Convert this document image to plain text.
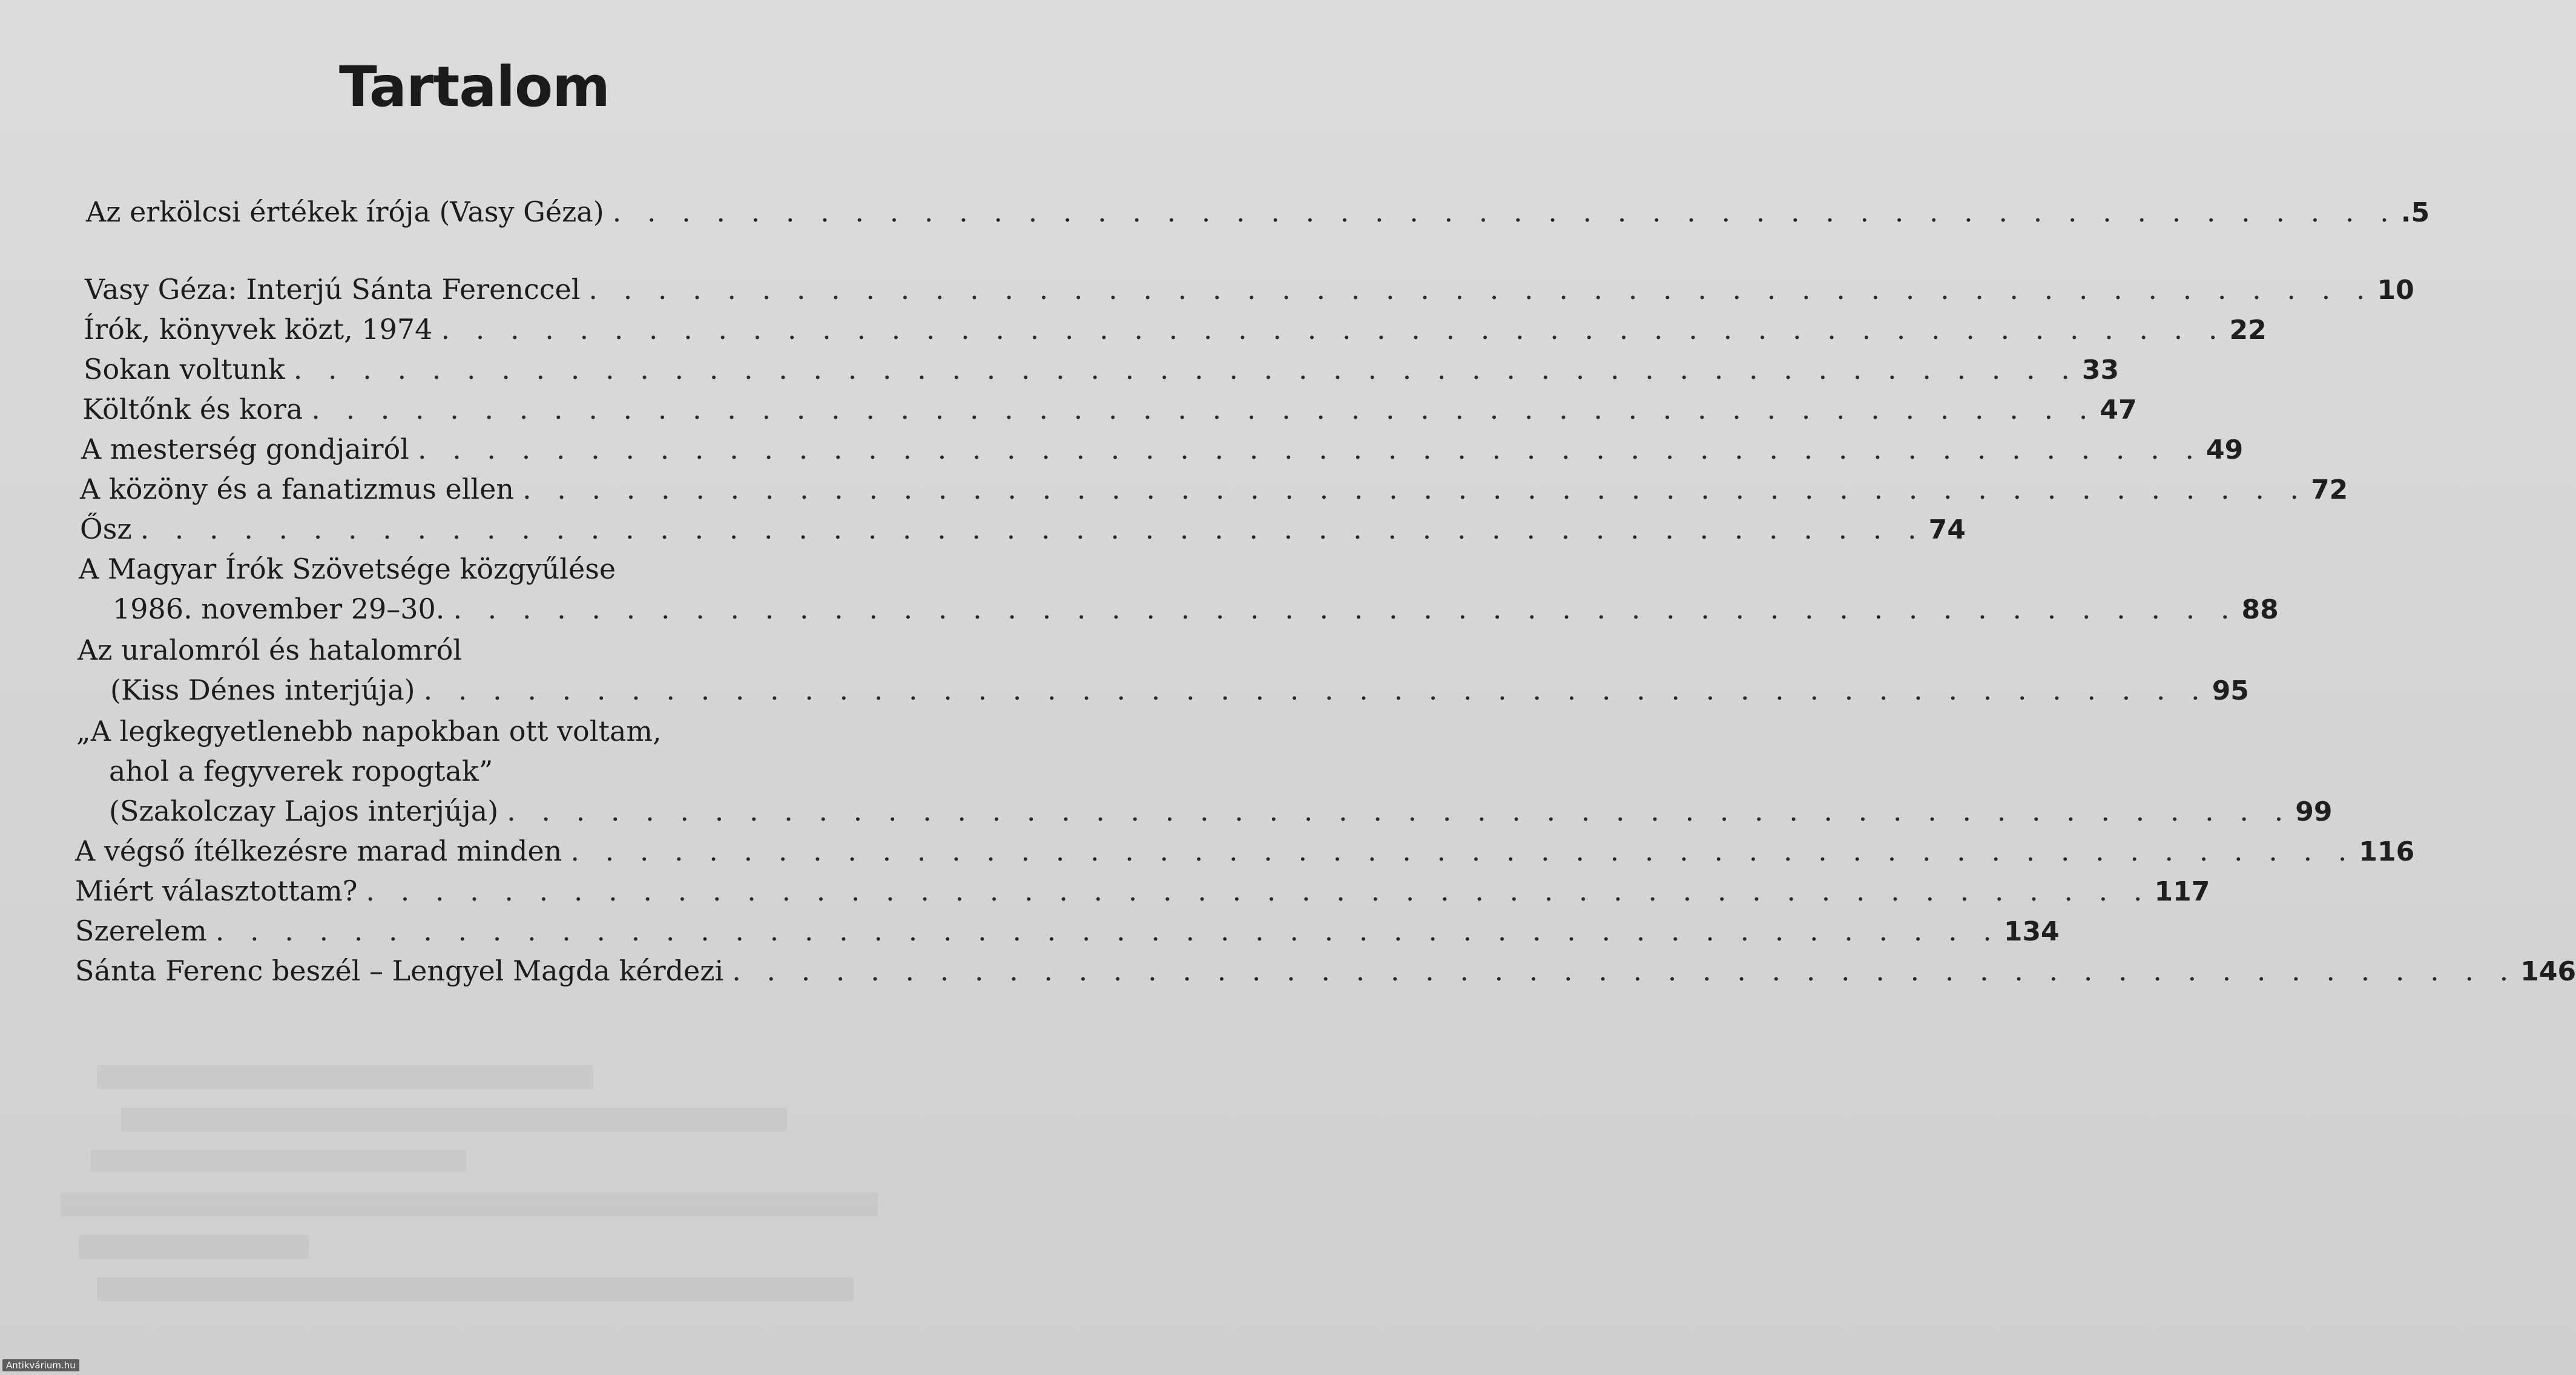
Tartalom
Az erkölcsi értékek írója (Vasy Géza) . . . . . . . . . . . . . . . . . . . . . . . . . . . . . . . . . . . . . . . . . . . . . . . . . . . . .5
Vasy Géza: Interjú Sánta Ferenccel . . . . . . . . . . . . . . . . . . . . . . . . . . . . . . . . . . . . . . . . . . . . . . . . . . . . 10
Írók, könyvek közt, 1974 . . . . . . . . . . . . . . . . . . . . . . . . . . . . . . . . . . . . . . . . . . . . . . . . . . . . 22
Sokan voltunk . . . . . . . . . . . . . . . . . . . . . . . . . . . . . . . . . . . . . . . . . . . . . . . . . . . . 33
Költőnk és kora . . . . . . . . . . . . . . . . . . . . . . . . . . . . . . . . . . . . . . . . . . . . . . . . . . . . 47
A mesterség gondjairól . . . . . . . . . . . . . . . . . . . . . . . . . . . . . . . . . . . . . . . . . . . . . . . . . . . . 49
A közöny és a fanatizmus ellen . . . . . . . . . . . . . . . . . . . . . . . . . . . . . . . . . . . . . . . . . . . . . . . . . . . . 72
Ősz . . . . . . . . . . . . . . . . . . . . . . . . . . . . . . . . . . . . . . . . . . . . . . . . . . . . 74
A Magyar Írók Szövetsége közgyűlése
1986. november 29–30. . . . . . . . . . . . . . . . . . . . . . . . . . . . . . . . . . . . . . . . . . . . . . . . . . . . . 88
Az uralomról és hatalomról
(Kiss Dénes interjúja) . . . . . . . . . . . . . . . . . . . . . . . . . . . . . . . . . . . . . . . . . . . . . . . . . . . . 95
„A legkegyetlenebb napokban ott voltam,
ahol a fegyverek ropogtak”
(Szakolczay Lajos interjúja) . . . . . . . . . . . . . . . . . . . . . . . . . . . . . . . . . . . . . . . . . . . . . . . . . . . . 99
A végső ítélkezésre marad minden . . . . . . . . . . . . . . . . . . . . . . . . . . . . . . . . . . . . . . . . . . . . . . . . . . . . 116
Miért választottam? . . . . . . . . . . . . . . . . . . . . . . . . . . . . . . . . . . . . . . . . . . . . . . . . . . . . 117
Szerelem . . . . . . . . . . . . . . . . . . . . . . . . . . . . . . . . . . . . . . . . . . . . . . . . . . . . 134
Sánta Ferenc beszél – Lengyel Magda kérdezi . . . . . . . . . . . . . . . . . . . . . . . . . . . . . . . . . . . . . . . . . . . . . . . . . . . . 146
Antikvárium.hu
